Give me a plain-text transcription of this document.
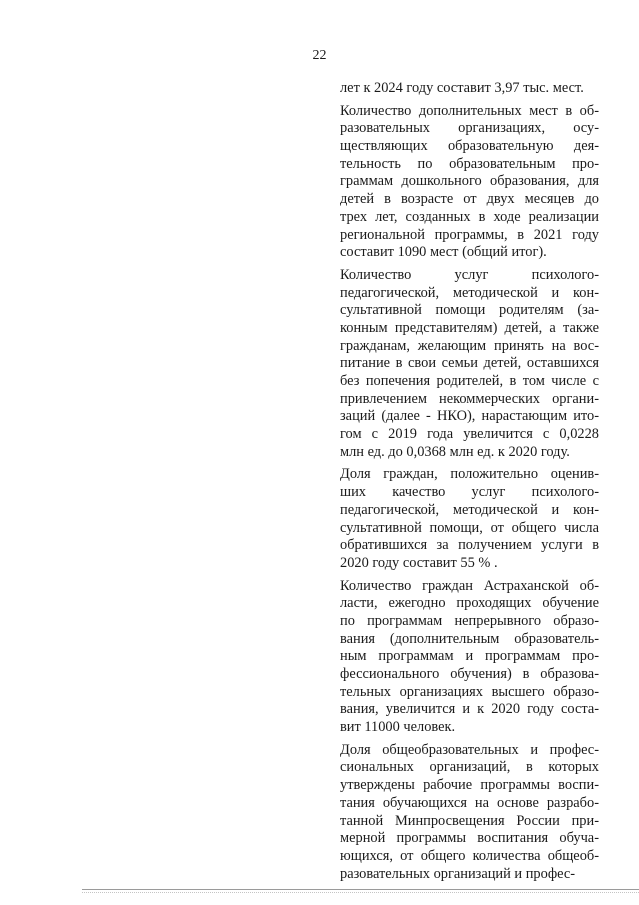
22
лет к 2024 году составит 3,97 тыс. мест.
Количество дополнительных мест в об-
разовательных организациях, осу-
ществляющих образовательную дея-
тельность по образовательным про-
граммам дошкольного образования, для
детей в возрасте от двух месяцев до
трех лет, созданных в ходе реализации
региональной программы, в 2021 году
составит 1090 мест (общий итог).
Количество услуг психолого-
педагогической, методической и кон-
сультативной помощи родителям (за-
конным представителям) детей, а также
гражданам, желающим принять на вос-
питание в свои семьи детей, оставшихся
без попечения родителей, в том числе с
привлечением некоммерческих органи-
заций (далее - НКО), нарастающим ито-
гом с 2019 года увеличится с 0,0228
млн ед. до 0,0368 млн ед. к 2020 году.
Доля граждан, положительно оценив-
ших качество услуг психолого-
педагогической, методической и кон-
сультативной помощи, от общего числа
обратившихся за получением услуги в
2020 году составит 55 % .
Количество граждан Астраханской об-
ласти, ежегодно проходящих обучение
по программам непрерывного образо-
вания (дополнительным образователь-
ным программам и программам про-
фессионального обучения) в образова-
тельных организациях высшего образо-
вания, увеличится и к 2020 году соста-
вит 11000 человек.
Доля общеобразовательных и профес-
сиональных организаций, в которых
утверждены рабочие программы воспи-
тания обучающихся на основе разрабо-
танной Минпросвещения России при-
мерной программы воспитания обуча-
ющихся, от общего количества общеоб-
разовательных организаций и профес-
